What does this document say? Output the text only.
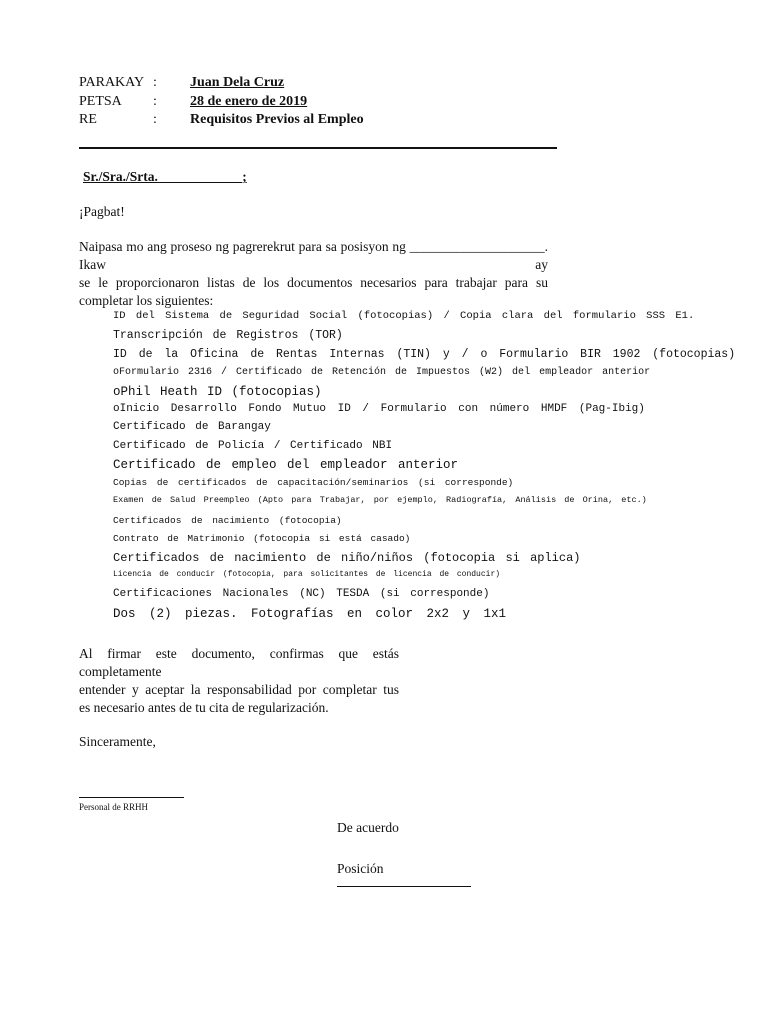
PARAKAY : Juan Dela Cruz
PETSA : 28 de enero de 2019
RE	: Requisitos Previos al Empleo
Sr./Sra./Srta. ____________;
¡Pagbat!
Naipasa mo ang proseso ng pagrerekrut para sa posisyon ng ____________________. Ikaw ay
se le proporcionaron listas de los documentos necesarios para trabajar para su
completar los siguientes:
ID del Sistema de Seguridad Social (fotocopias) / Copia clara del formulario SSS E1.
Transcripción de Registros (TOR)
ID de la Oficina de Rentas Internas (TIN) y / o Formulario BIR 1902 (fotocopias)
oFormulario 2316 / Certificado de Retención de Impuestos (W2) del empleador anterior
oPhil Heath ID (fotocopias)
oInicio Desarrollo Fondo Mutuo ID / Formulario con número HMDF (Pag-Ibig)
Certificado de Barangay
Certificado de Policía / Certificado NBI
Certificado de empleo del empleador anterior
Copias de certificados de capacitación/seminarios (si corresponde)
Examen de Salud Preempleo (Apto para Trabajar, por ejemplo, Radiografía, Análisis de Orina, etc.)
Certificados de nacimiento (fotocopia)
Contrato de Matrimonio (fotocopia si está casado)
Certificados de nacimiento de niño/niños (fotocopia si aplica)
Licencia de conducir (fotocopia, para solicitantes de licencia de conducir)
Certificaciones Nacionales (NC) TESDA (si corresponde)
Dos (2) piezas. Fotografías en color 2x2 y 1x1
Al firmar este documento, confirmas que estás completamente
entender y aceptar la responsabilidad por completar tus
es necesario antes de tu cita de regularización.
Sinceramente,
Personal de RRHH
De acuerdo
Posición
